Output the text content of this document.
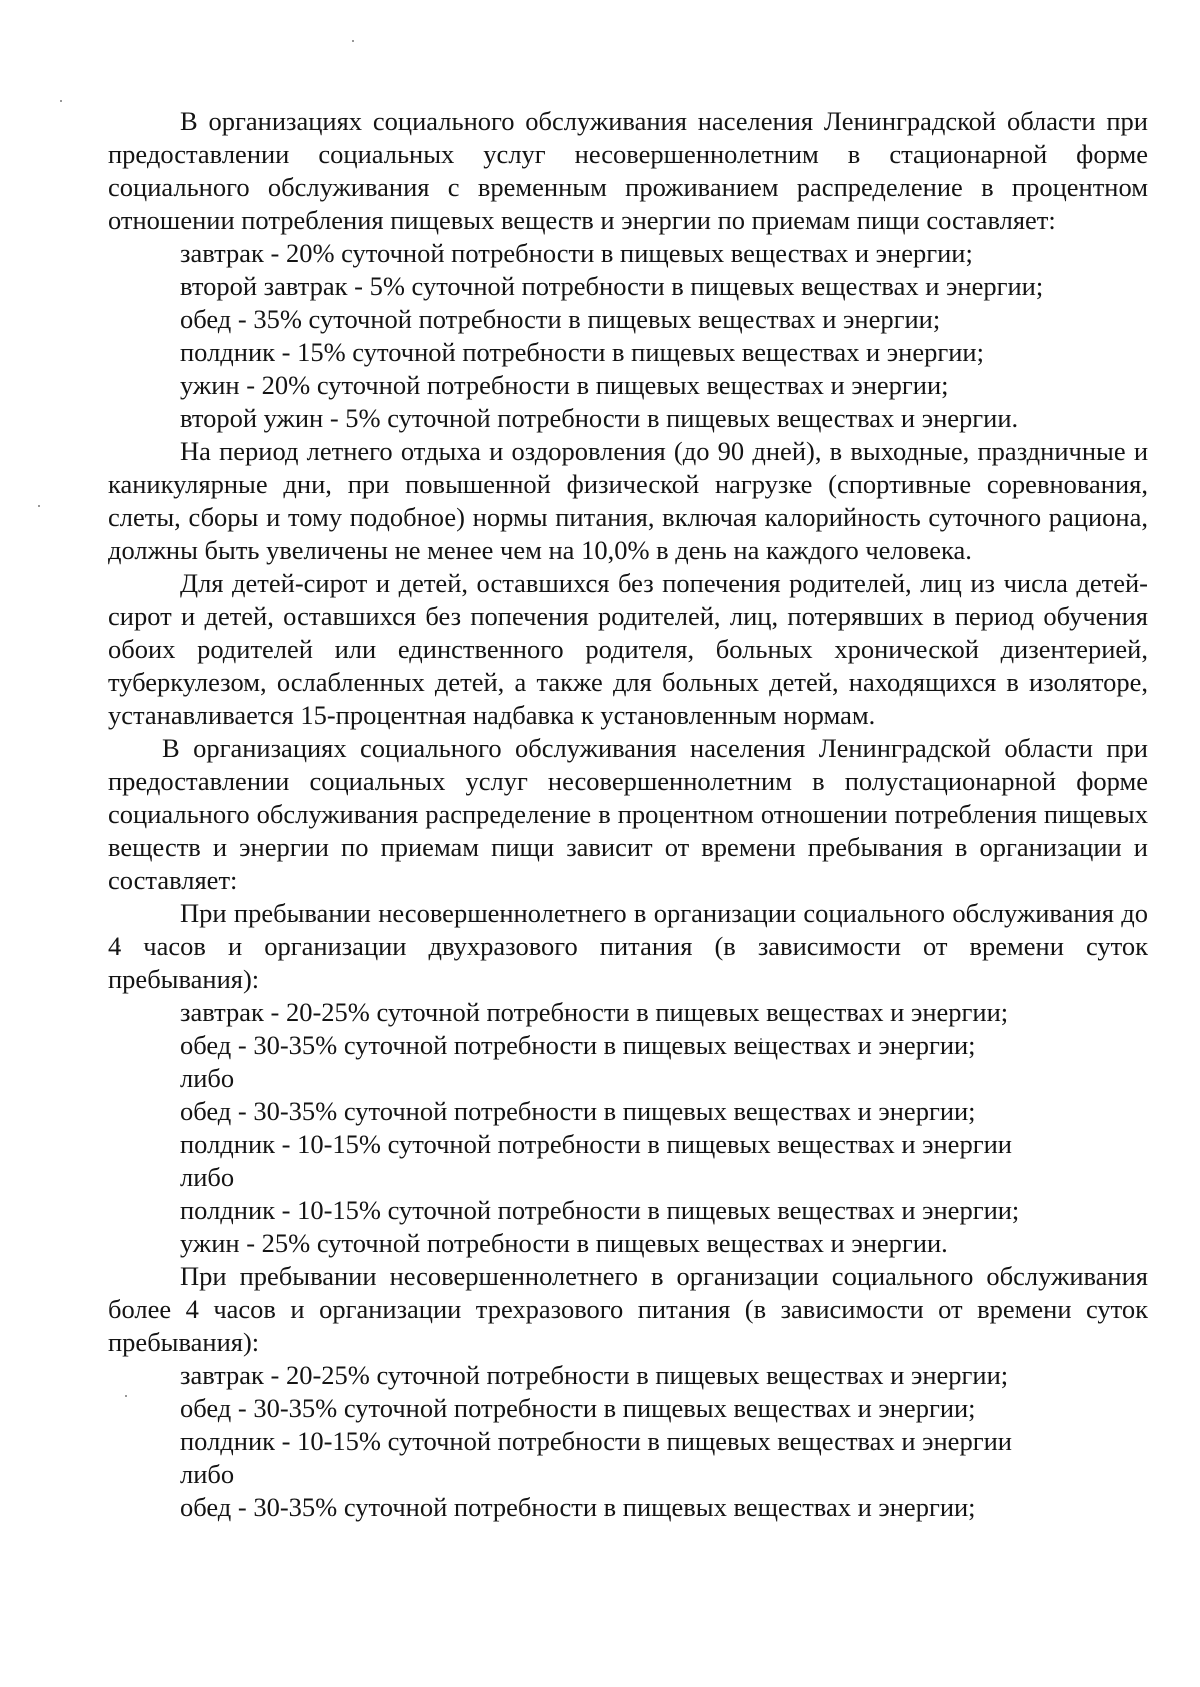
В организациях социального обслуживания населения Ленинградской области при предоставлении социальных услуг несовершеннолетним в стационарной форме социального обслуживания с временным проживанием распределение в процентном отношении потребления пищевых веществ и энергии по приемам пищи составляет:

завтрак - 20% суточной потребности в пищевых веществах и энергии;
второй завтрак - 5% суточной потребности в пищевых веществах и энергии;
обед - 35% суточной потребности в пищевых веществах и энергии;
полдник - 15% суточной потребности в пищевых веществах и энергии;
ужин - 20% суточной потребности в пищевых веществах и энергии;
второй ужин - 5% суточной потребности в пищевых веществах и энергии.

На период летнего отдыха и оздоровления (до 90 дней), в выходные, праздничные и каникулярные дни, при повышенной физической нагрузке (спортивные соревнования, слеты, сборы и тому подобное) нормы питания, включая калорийность суточного рациона, должны быть увеличены не менее чем на 10,0% в день на каждого человека.

Для детей-сирот и детей, оставшихся без попечения родителей, лиц из числа детей-сирот и детей, оставшихся без попечения родителей, лиц, потерявших в период обучения обоих родителей или единственного родителя, больных хронической дизентерией, туберкулезом, ослабленных детей, а также для больных детей, находящихся в изоляторе, устанавливается 15-процентная надбавка к установленным нормам.

В организациях социального обслуживания населения Ленинградской области при предоставлении социальных услуг несовершеннолетним в полустационарной форме социального обслуживания распределение в процентном отношении потребления пищевых веществ и энергии по приемам пищи зависит от времени пребывания в организации и составляет:

При пребывании несовершеннолетнего в организации социального обслуживания до 4 часов и организации двухразового питания (в зависимости от времени суток пребывания):

завтрак - 20-25% суточной потребности в пищевых веществах и энергии;
обед - 30-35% суточной потребности в пищевых веществах и энергии;
либо
обед - 30-35% суточной потребности в пищевых веществах и энергии;
полдник - 10-15% суточной потребности в пищевых веществах и энергии
либо
полдник - 10-15% суточной потребности в пищевых веществах и энергии;
ужин - 25% суточной потребности в пищевых веществах и энергии.

При пребывании несовершеннолетнего в организации социального обслуживания более 4 часов и организации трехразового питания (в зависимости от времени суток пребывания):

завтрак - 20-25% суточной потребности в пищевых веществах и энергии;
обед - 30-35% суточной потребности в пищевых веществах и энергии;
полдник - 10-15% суточной потребности в пищевых веществах и энергии
либо
обед - 30-35% суточной потребности в пищевых веществах и энергии;
